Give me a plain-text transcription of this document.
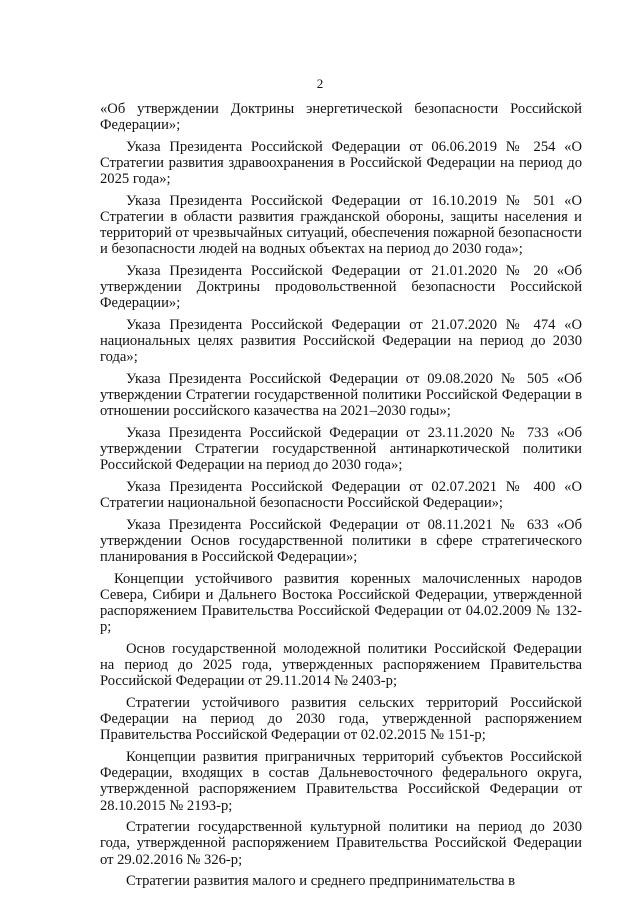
2

«Об утверждении Доктрины энергетической безопасности Российской Федерации»;

Указа Президента Российской Федерации от 06.06.2019 № 254 «О Стратегии развития здравоохранения в Российской Федерации на период до 2025 года»;

Указа Президента Российской Федерации от 16.10.2019 № 501 «О Стратегии в области развития гражданской обороны, защиты населения и территорий от чрезвычайных ситуаций, обеспечения пожарной безопасности и безопасности людей на водных объектах на период до 2030 года»;

Указа Президента Российской Федерации от 21.01.2020 № 20 «Об утверждении Доктрины продовольственной безопасности Российской Федерации»;

Указа Президента Российской Федерации от 21.07.2020 № 474 «О национальных целях развития Российской Федерации на период до 2030 года»;

Указа Президента Российской Федерации от 09.08.2020 № 505 «Об утверждении Стратегии государственной политики Российской Федерации в отношении российского казачества на 2021–2030 годы»;

Указа Президента Российской Федерации от 23.11.2020 № 733 «Об утверждении Стратегии государственной антинаркотической политики Российской Федерации на период до 2030 года»;

Указа Президента Российской Федерации от 02.07.2021 № 400 «О Стратегии национальной безопасности Российской Федерации»;

Указа Президента Российской Федерации от 08.11.2021 № 633 «Об утверждении Основ государственной политики в сфере стратегического планирования в Российской Федерации»;

Концепции устойчивого развития коренных малочисленных народов Севера, Сибири и Дальнего Востока Российской Федерации, утвержденной распоряжением Правительства Российской Федерации от 04.02.2009 № 132-р;

Основ государственной молодежной политики Российской Федерации на период до 2025 года, утвержденных распоряжением Правительства Российской Федерации от 29.11.2014 № 2403-р;

Стратегии устойчивого развития сельских территорий Российской Федерации на период до 2030 года, утвержденной распоряжением Правительства Российской Федерации от 02.02.2015 № 151-р;

Концепции развития приграничных территорий субъектов Российской Федерации, входящих в состав Дальневосточного федерального округа, утвержденной распоряжением Правительства Российской Федерации от 28.10.2015 № 2193-р;

Стратегии государственной культурной политики на период до 2030 года, утвержденной распоряжением Правительства Российской Федерации от 29.02.2016 № 326-р;

Стратегии развития малого и среднего предпринимательства в
